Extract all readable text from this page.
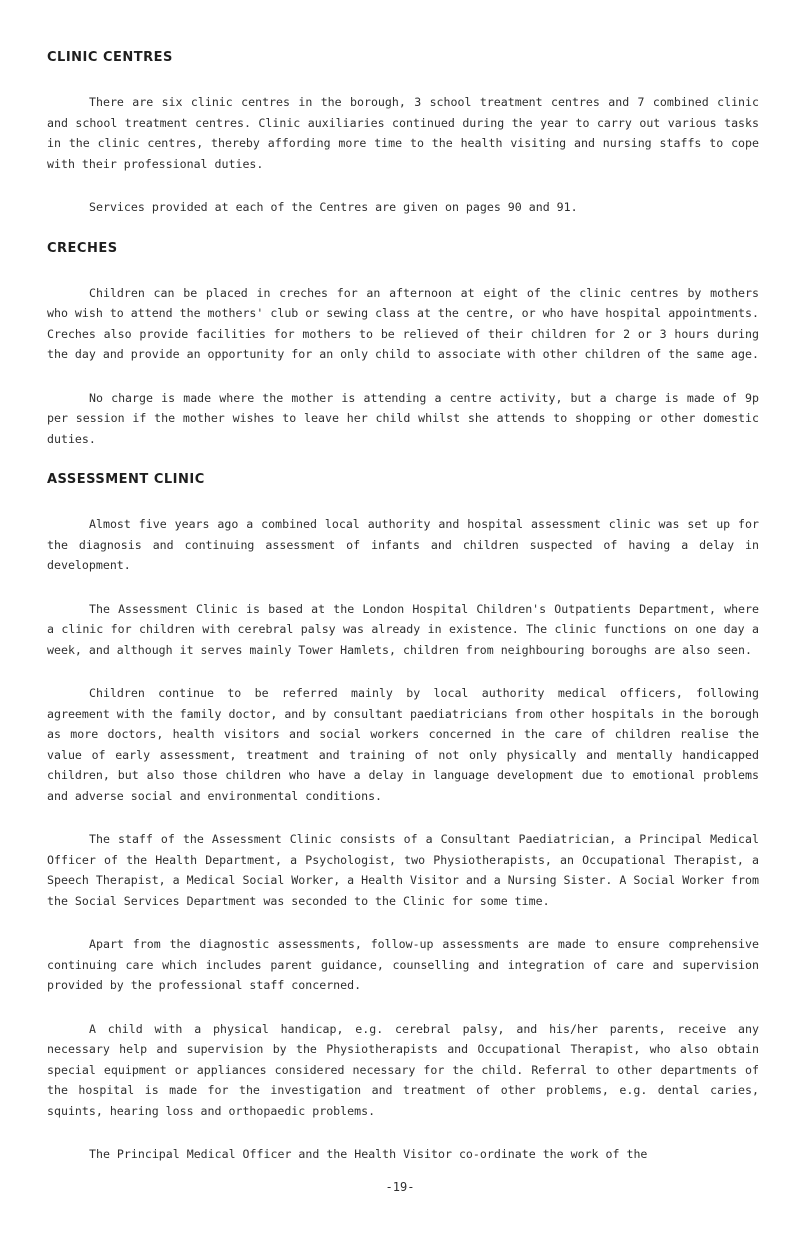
CLINIC CENTRES

There are six clinic centres in the borough, 3 school treatment centres and 7 combined clinic and school treatment centres. Clinic auxiliaries continued during the year to carry out various tasks in the clinic centres, thereby affording more time to the health visiting and nursing staffs to cope with their professional duties.

Services provided at each of the Centres are given on pages 90 and 91.

CRECHES

Children can be placed in creches for an afternoon at eight of the clinic centres by mothers who wish to attend the mothers' club or sewing class at the centre, or who have hospital appointments. Creches also provide facilities for mothers to be relieved of their children for 2 or 3 hours during the day and provide an opportunity for an only child to associate with other children of the same age.

No charge is made where the mother is attending a centre activity, but a charge is made of 9p per session if the mother wishes to leave her child whilst she attends to shopping or other domestic duties.

ASSESSMENT CLINIC

Almost five years ago a combined local authority and hospital assessment clinic was set up for the diagnosis and continuing assessment of infants and children suspected of having a delay in development.

The Assessment Clinic is based at the London Hospital Children's Outpatients Department, where a clinic for children with cerebral palsy was already in existence. The clinic functions on one day a week, and although it serves mainly Tower Hamlets, children from neighbouring boroughs are also seen.

Children continue to be referred mainly by local authority medical officers, following agreement with the family doctor, and by consultant paediatricians from other hospitals in the borough as more doctors, health visitors and social workers concerned in the care of children realise the value of early assessment, treatment and training of not only physically and mentally handicapped children, but also those children who have a delay in language development due to emotional problems and adverse social and environmental conditions.

The staff of the Assessment Clinic consists of a Consultant Paediatrician, a Principal Medical Officer of the Health Department, a Psychologist, two Physiotherapists, an Occupational Therapist, a Speech Therapist, a Medical Social Worker, a Health Visitor and a Nursing Sister. A Social Worker from the Social Services Department was seconded to the Clinic for some time.

Apart from the diagnostic assessments, follow-up assessments are made to ensure comprehensive continuing care which includes parent guidance, counselling and integration of care and supervision provided by the professional staff concerned.

A child with a physical handicap, e.g. cerebral palsy, and his/her parents, receive any necessary help and supervision by the Physiotherapists and Occupational Therapist, who also obtain special equipment or appliances considered necessary for the child. Referral to other departments of the hospital is made for the investigation and treatment of other problems, e.g. dental caries, squints, hearing loss and orthopaedic problems.

The Principal Medical Officer and the Health Visitor co-ordinate the work of the

-19-
